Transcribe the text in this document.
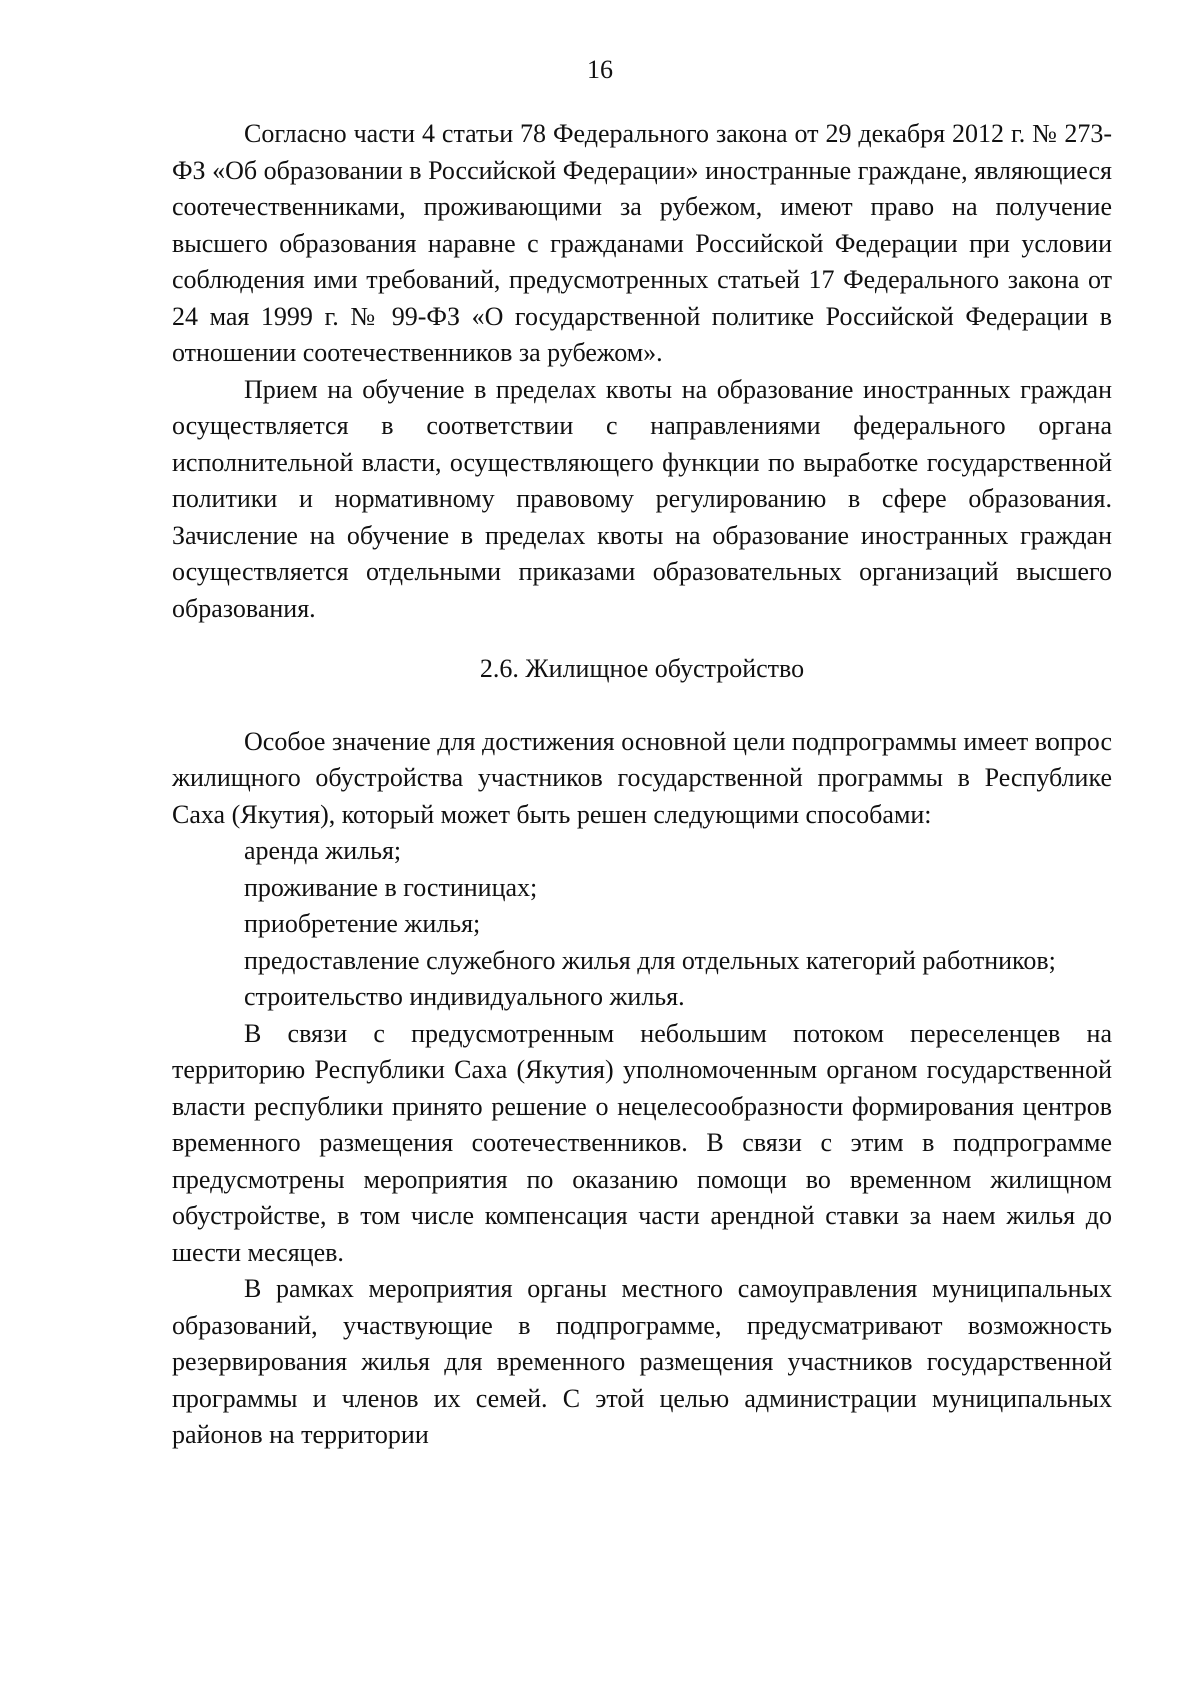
16

Согласно части 4 статьи 78 Федерального закона от 29 декабря 2012 г. № 273-ФЗ «Об образовании в Российской Федерации» иностранные граждане, являющиеся соотечественниками, проживающими за рубежом, имеют право на получение высшего образования наравне с гражданами Российской Федерации при условии соблюдения ими требований, предусмотренных статьей 17 Федерального закона от 24 мая 1999 г. № 99-ФЗ «О государственной политике Российской Федерации в отношении соотечественников за рубежом».

Прием на обучение в пределах квоты на образование иностранных граждан осуществляется в соответствии с направлениями федерального органа исполнительной власти, осуществляющего функции по выработке государственной политики и нормативному правовому регулированию в сфере образования. Зачисление на обучение в пределах квоты на образование иностранных граждан осуществляется отдельными приказами образовательных организаций высшего образования.

2.6. Жилищное обустройство

Особое значение для достижения основной цели подпрограммы имеет вопрос жилищного обустройства участников государственной программы в Республике Саха (Якутия), который может быть решен следующими способами:

аренда жилья;

проживание в гостиницах;

приобретение жилья;

предоставление служебного жилья для отдельных категорий работников;

строительство индивидуального жилья.

В связи с предусмотренным небольшим потоком переселенцев на территорию Республики Саха (Якутия) уполномоченным органом государственной власти республики принято решение о нецелесообразности формирования центров временного размещения соотечественников. В связи с этим в подпрограмме предусмотрены мероприятия по оказанию помощи во временном жилищном обустройстве, в том числе компенсация части арендной ставки за наем жилья до шести месяцев.

В рамках мероприятия органы местного самоуправления муниципальных образований, участвующие в подпрограмме, предусматривают возможность резервирования жилья для временного размещения участников государственной программы и членов их семей. С этой целью администрации муниципальных районов на территории
